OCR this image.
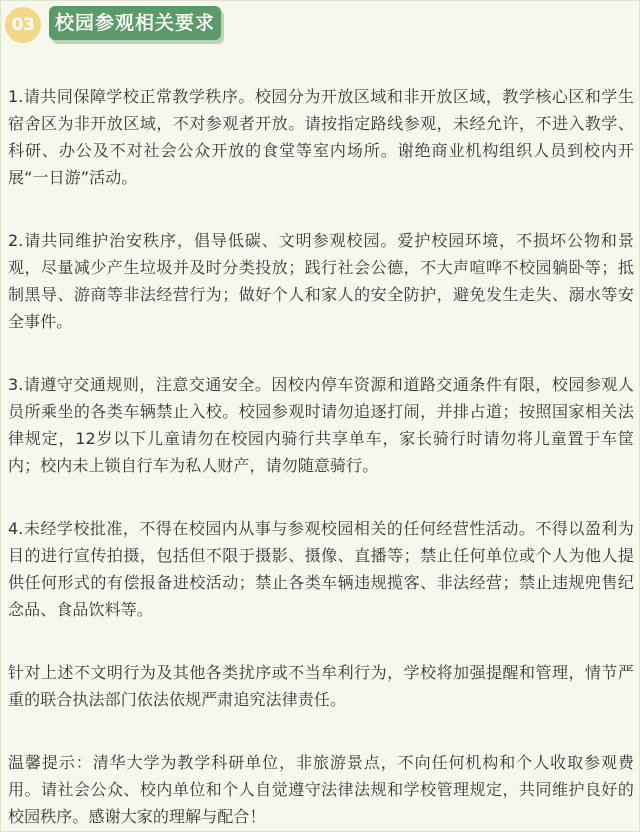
03	校园参观相关要求

1.请共同保障学校正常教学秩序。校园分为开放区域和非开放区域，教学核心区和学生宿舍区为非开放区域，不对参观者开放。请按指定路线参观，未经允许，不进入教学、科研、办公及不对社会公众开放的食堂等室内场所。谢绝商业机构组织人员到校内开展“一日游”活动。

2.请共同维护治安秩序，倡导低碳、文明参观校园。爱护校园环境，不损坏公物和景观，尽量减少产生垃圾并及时分类投放；践行社会公德，不大声喧哗不校园躺卧等；抵制黑导、游商等非法经营行为；做好个人和家人的安全防护，避免发生走失、溺水等安全事件。

3.请遵守交通规则，注意交通安全。因校内停车资源和道路交通条件有限，校园参观人员所乘坐的各类车辆禁止入校。校园参观时请勿追逐打闹，并排占道；按照国家相关法律规定，12岁以下儿童请勿在校园内骑行共享单车，家长骑行时请勿将儿童置于车筐内；校内未上锁自行车为私人财产，请勿随意骑行。

4.未经学校批准，不得在校园内从事与参观校园相关的任何经营性活动。不得以盈利为目的进行宣传拍摄，包括但不限于摄影、摄像、直播等；禁止任何单位或个人为他人提供任何形式的有偿报备进校活动；禁止各类车辆违规揽客、非法经营；禁止违规兜售纪念品、食品饮料等。

针对上述不文明行为及其他各类扰序或不当牟利行为，学校将加强提醒和管理，情节严重的联合执法部门依法依规严肃追究法律责任。

温馨提示：清华大学为教学科研单位，非旅游景点，不向任何机构和个人收取参观费用。请社会公众、校内单位和个人自觉遵守法律法规和学校管理规定，共同维护良好的校园秩序。感谢大家的理解与配合！
